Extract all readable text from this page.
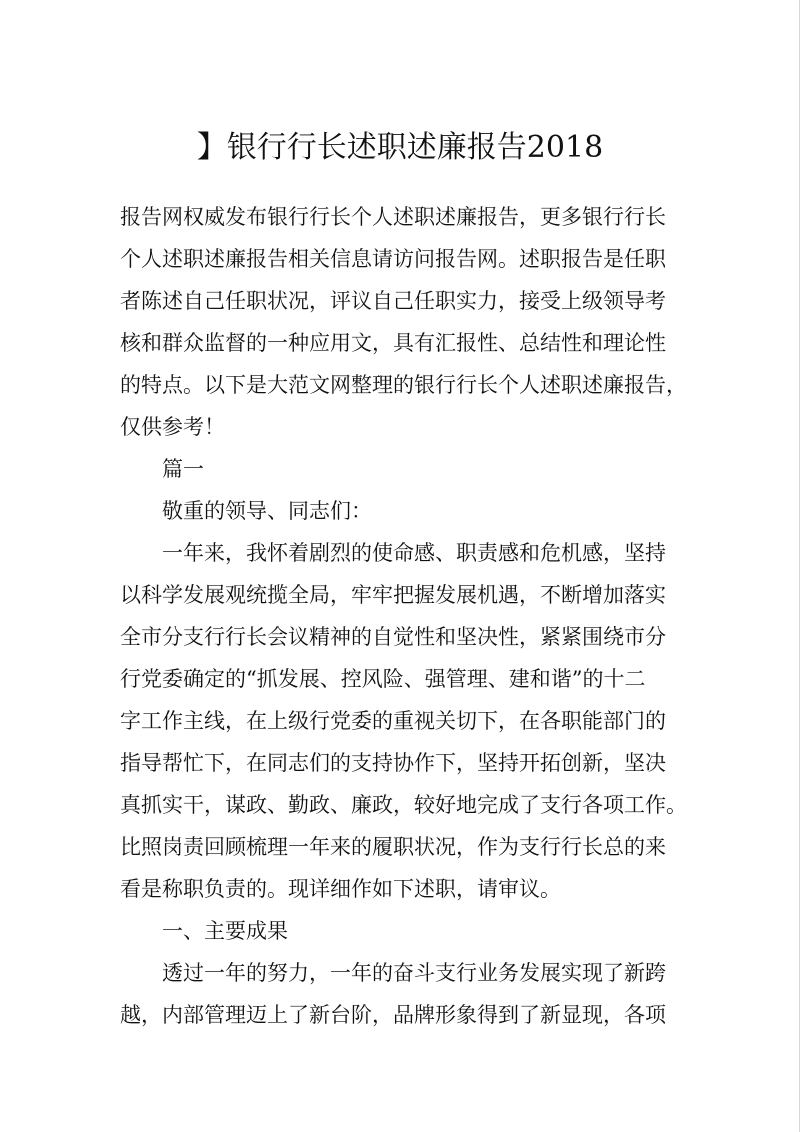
】银行行长述职述廉报告2018
报告网权威发布银行行长个人述职述廉报告，更多银行行长
个人述职述廉报告相关信息请访问报告网。述职报告是任职
者陈述自己任职状况，评议自己任职实力，接受上级领导考
核和群众监督的一种应用文，具有汇报性、总结性和理论性
的特点。以下是大范文网整理的银行行长个人述职述廉报告，
仅供参考！
篇一
敬重的领导、同志们：
一年来，我怀着剧烈的使命感、职责感和危机感，坚持
以科学发展观统揽全局，牢牢把握发展机遇，不断增加落实
全市分支行行长会议精神的自觉性和坚决性，紧紧围绕市分
行党委确定的“抓发展、控风险、强管理、建和谐”的十二
字工作主线，在上级行党委的重视关切下，在各职能部门的
指导帮忙下，在同志们的支持协作下，坚持开拓创新，坚决
真抓实干，谋政、勤政、廉政，较好地完成了支行各项工作。
比照岗责回顾梳理一年来的履职状况，作为支行行长总的来
看是称职负责的。现详细作如下述职，请审议。
一、主要成果
透过一年的努力，一年的奋斗支行业务发展实现了新跨
越，内部管理迈上了新台阶，品牌形象得到了新显现，各项
